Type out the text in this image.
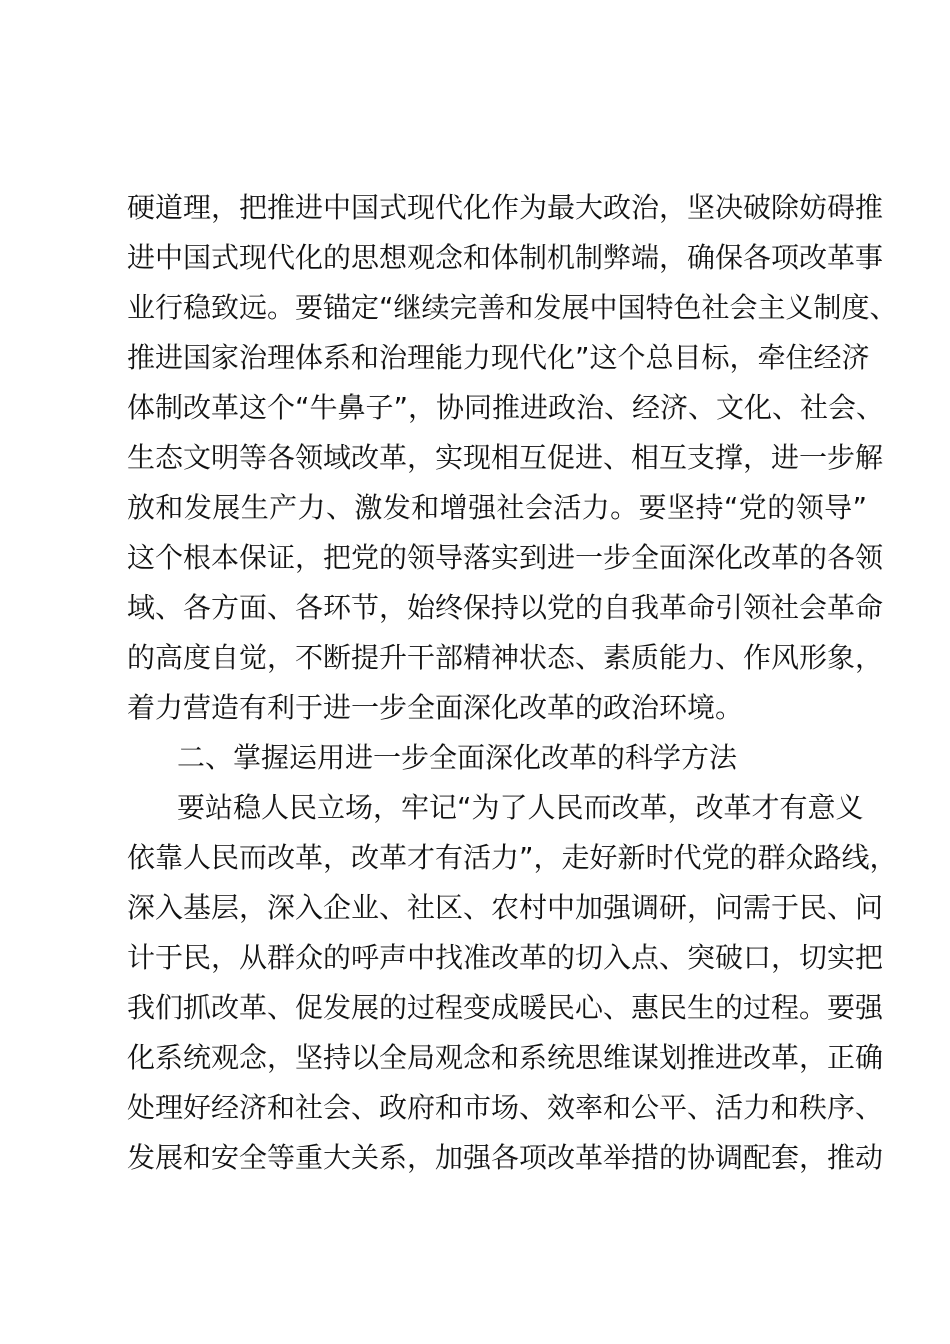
硬道理，把推进中国式现代化作为最大政治，坚决破除妨碍推
进中国式现代化的思想观念和体制机制弊端，确保各项改革事
业行稳致远。要锚定“继续完善和发展中国特色社会主义制度、
推进国家治理体系和治理能力现代化”这个总目标，牵住经济
体制改革这个“牛鼻子”，协同推进政治、经济、文化、社会、
生态文明等各领域改革，实现相互促进、相互支撑，进一步解
放和发展生产力、激发和增强社会活力。要坚持“党的领导”
这个根本保证，把党的领导落实到进一步全面深化改革的各领
域、各方面、各环节，始终保持以党的自我革命引领社会革命
的高度自觉，不断提升干部精神状态、素质能力、作风形象，
着力营造有利于进一步全面深化改革的政治环境。
二、掌握运用进一步全面深化改革的科学方法
要站稳人民立场，牢记“为了人民而改革，改革才有意义
依靠人民而改革，改革才有活力”，走好新时代党的群众路线，
深入基层，深入企业、社区、农村中加强调研，问需于民、问
计于民，从群众的呼声中找准改革的切入点、突破口，切实把
我们抓改革、促发展的过程变成暖民心、惠民生的过程。要强
化系统观念，坚持以全局观念和系统思维谋划推进改革，正确
处理好经济和社会、政府和市场、效率和公平、活力和秩序、
发展和安全等重大关系，加强各项改革举措的协调配套，推动
